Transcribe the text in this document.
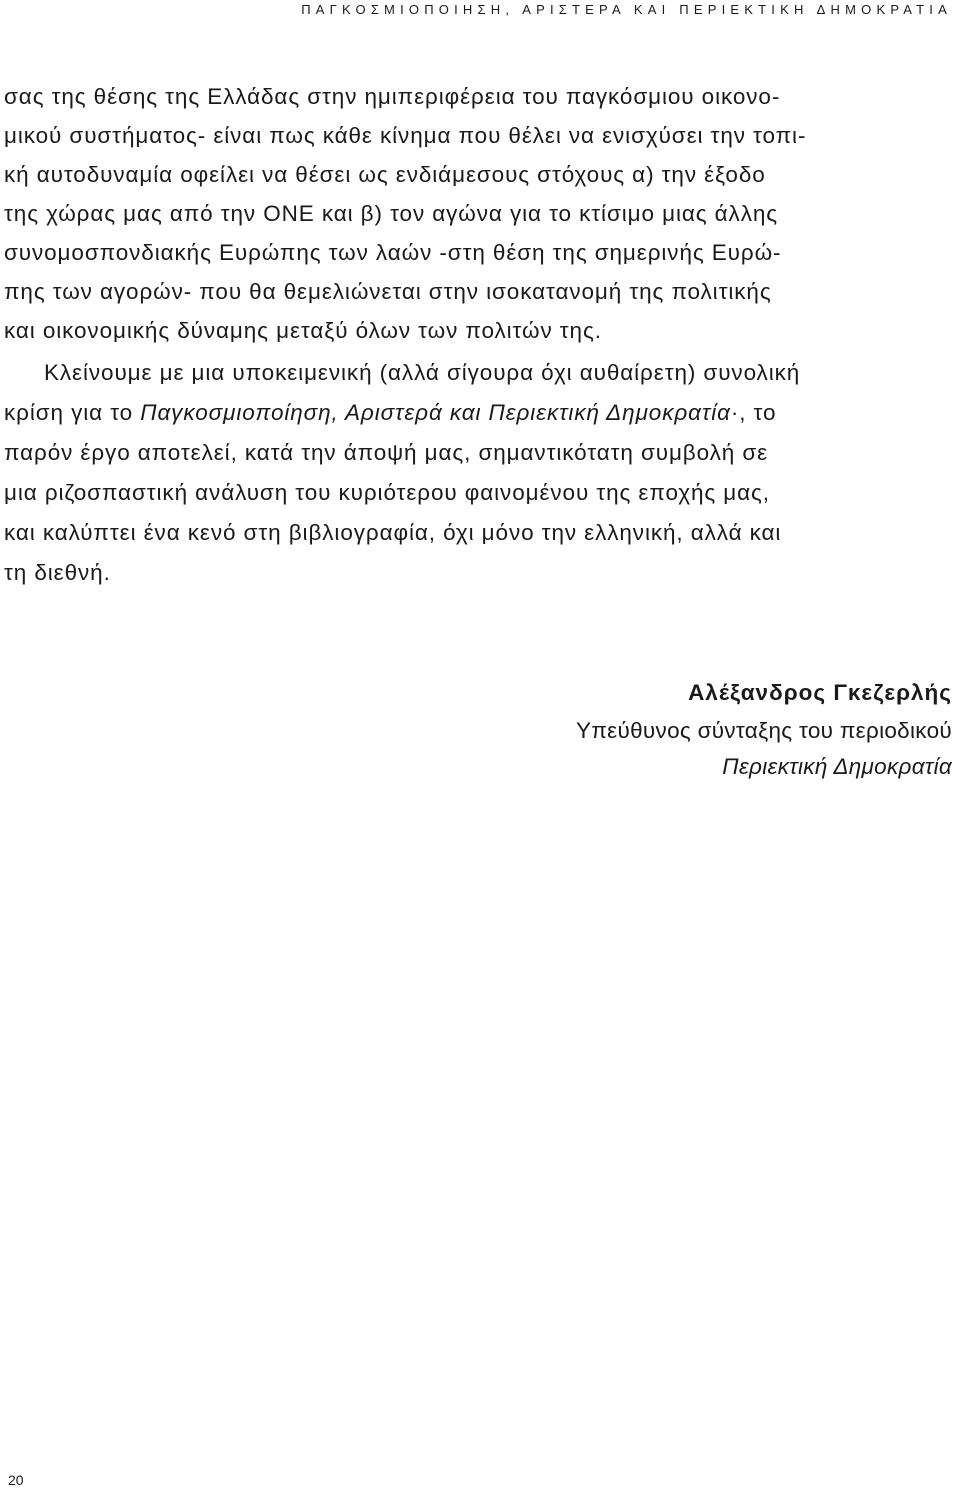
ΠΑΓΚΟΣΜΙΟΠΟΙΗΣΗ, ΑΡΙΣΤΕΡΑ ΚΑΙ ΠΕΡΙΕΚΤΙΚΗ ΔΗΜΟΚΡΑΤΙΑ
σας της θέσης της Ελλάδας στην ημιπεριφέρεια του παγκόσμιου οικονο-
μικού συστήματος- είναι πως κάθε κίνημα που θέλει να ενισχύσει την τοπι-
κή αυτοδυναμία οφείλει να θέσει ως ενδιάμεσους στόχους α) την έξοδο
της χώρας μας από την ΟΝΕ και β) τον αγώνα για το κτίσιμο μιας άλλης
συνομοσπονδιακής Ευρώπης των λαών -στη θέση της σημερινής Ευρώ-
πης των αγορών- που θα θεμελιώνεται στην ισοκατανομή της πολιτικής
και οικονομικής δύναμης μεταξύ όλων των πολιτών της.
Κλείνουμε με μια υποκειμενική (αλλά σίγουρα όχι αυθαίρετη) συνολική
κρίση για το Παγκοσμιοποίηση, Αριστερά και Περιεκτική Δημοκρατία·, το
παρόν έργο αποτελεί, κατά την άποψή μας, σημαντικότατη συμβολή σε
μια ριζοσπαστική ανάλυση του κυριότερου φαινομένου της εποχής μας,
και καλύπτει ένα κενό στη βιβλιογραφία, όχι μόνο την ελληνική, αλλά και
τη διεθνή.
Αλέξανδρος Γκεζερλής
Υπεύθυνος σύνταξης του περιοδικού
Περιεκτική Δημοκρατία
20
